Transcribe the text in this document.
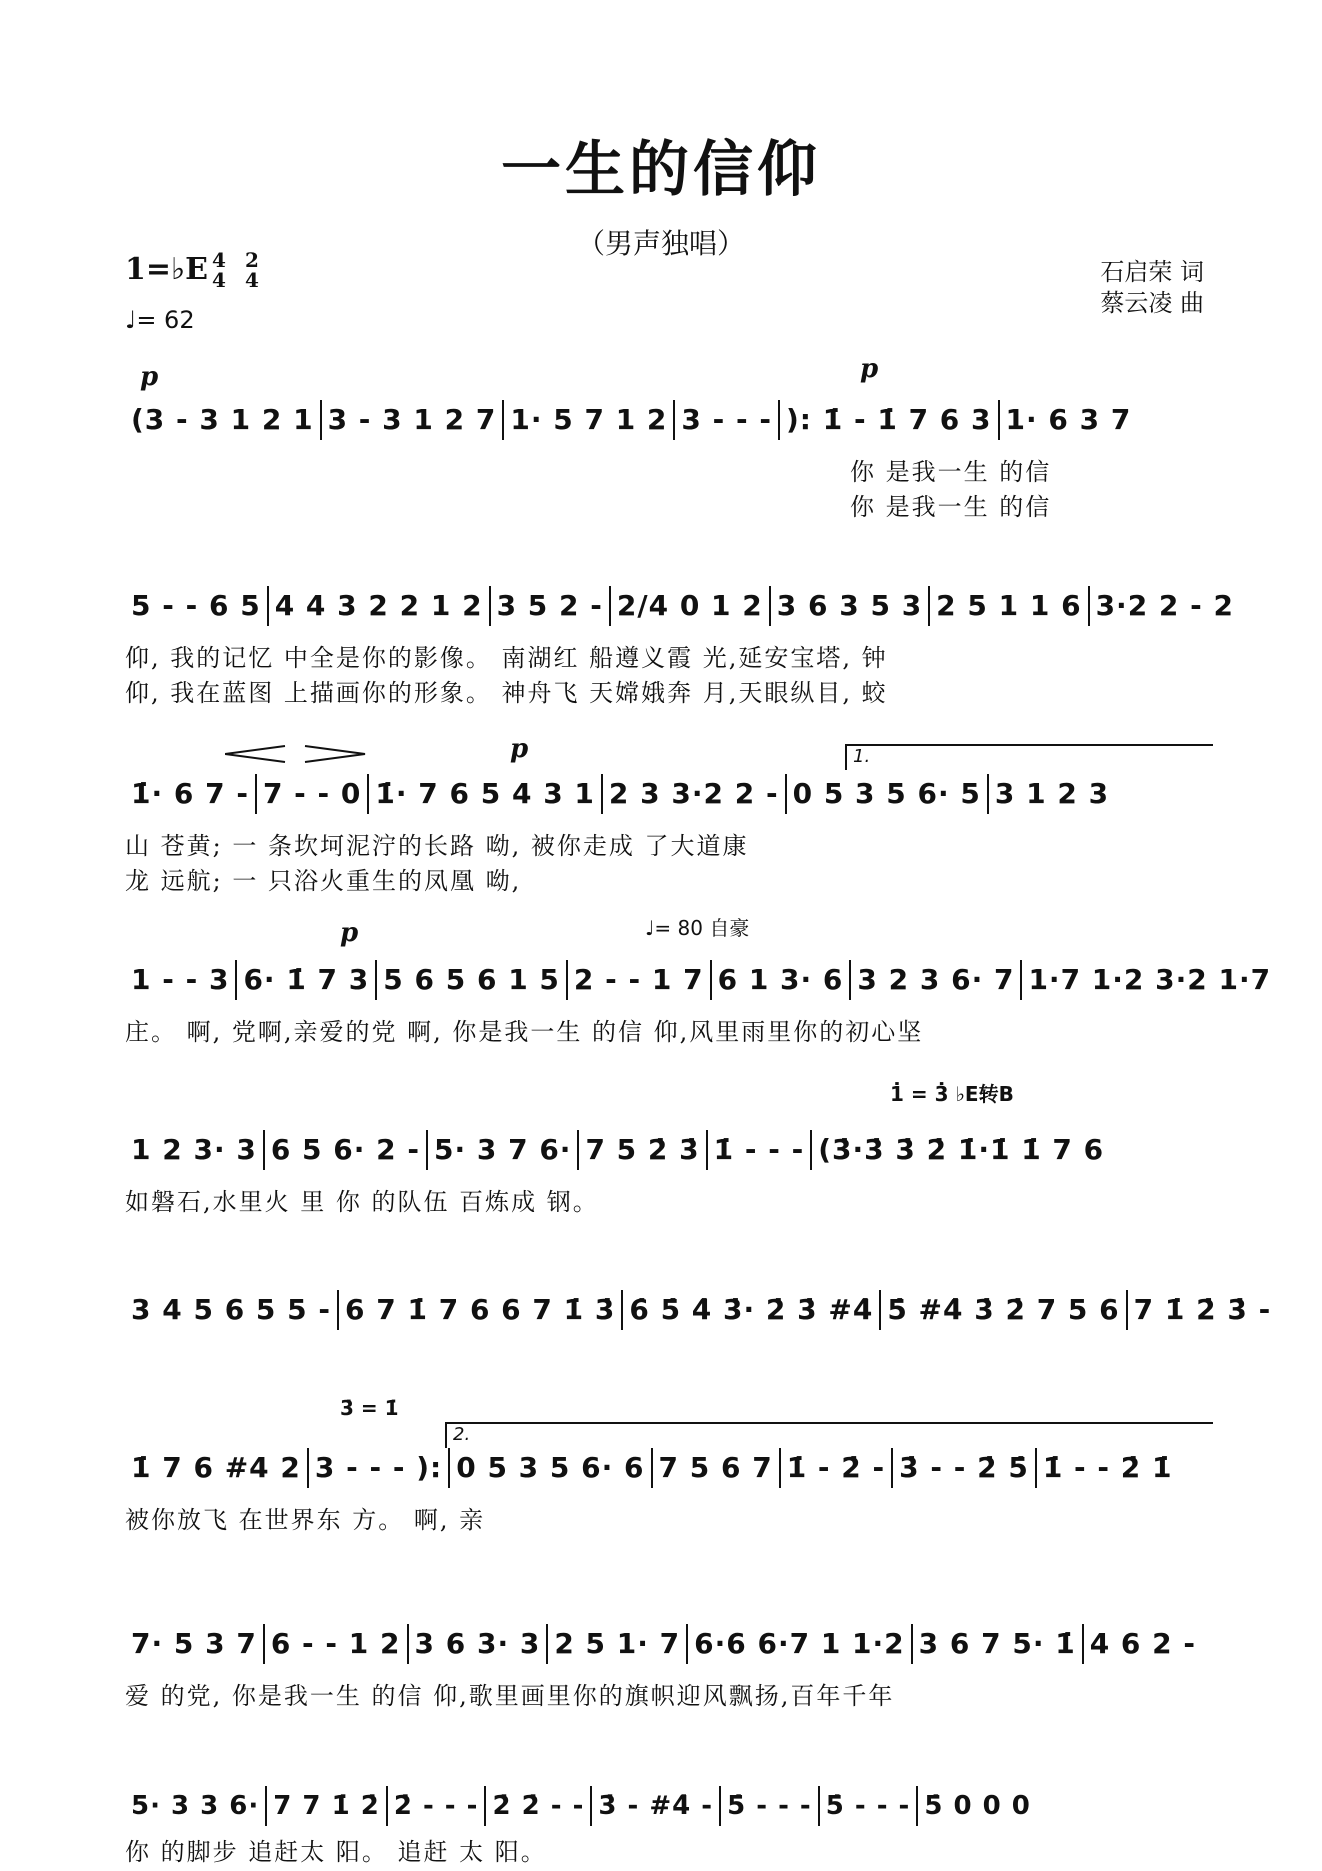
一生的信仰
（男声独唱）
1=♭E 4
4
2
4
♩= 62
石启荣 词
蔡云凌 曲
p	p
(3 - 3 1 2 1 3 - 3 1 2 7 1· 5 7 1 2 3 - - - ): 1̇ - 1̇ 7 6 3 1· 6 3 7
你 是我一生 的信
你 是我一生 的信
5 - - 6 5 4 4 3 2 2 1 2 3 5 2 - 2/4 0 1 2 3 6 3 5 3 2 5 1 1 6 3·2 2 - 2
仰, 我的记忆 中全是你的影像。 南湖红 船遵义霞 光,延安宝塔, 钟
仰, 我在蓝图 上描画你的形象。 神舟飞 天嫦娥奔 月,天眼纵目, 蛟
p	1.
1̇· 6 7 - 7 - - 0 1̇· 7 6 5 4 3 1 2 3 3·2 2 - 0 5 3 5 6· 5 3 1 2 3
山 苍黄; 一 条坎坷泥泞的长路 呦, 被你走成 了大道康
龙 远航; 一 只浴火重生的凤凰 呦,
p	♩= 80 自豪
1 - - 3 6· 1̇ 7 3 5 6 5 6 1 5 2 - - 1 7 6 1 3· 6 3 2 3 6· 7 1·7 1·2 3·2 1·7
庄。 啊, 党啊,亲爱的党 啊, 你是我一生 的信 仰,风里雨里你的初心坚
1̇ = 3̇ ♭E转B
1 2 3· 3 6 5 6· 2 - 5· 3 7 6· 7 5 2̇ 3̇ 1̇ - - - (3̇·3̇ 3̇ 2̇ 1̇·1̇ 1̇ 7 6
如磐石,水里火 里 你 的队伍 百炼成 钢。
3 4 5 6 5 5 - 6 7 1̇ 7 6 6 7 1̇ 3̇ 6̇ 5̇ 4̇ 3̇· 2̇ 3̇ #4̇ 5̇ #4̇ 3̇ 2̇ 7 5 6 7 1̇ 2̇ 3̇ -
3̇ = 1̇
2.
1̇ 7 6 #4 2 3 - - - ): 0 5 3 5 6· 6 7 5 6 7 1̇ - 2̇ - 3̇ - - 2̇ 5̇ 1̇ - - 2̇ 1̇
被你放飞 在世界东 方。 啊, 亲
7· 5 3 7 6 - - 1 2 3 6 3· 3 2 5 1· 7 6·6 6·7 1 1·2 3 6 7 5· 1̇ 4 6 2 -
爱 的党, 你是我一生 的信 仰,歌里画里你的旗帜迎风飘扬,百年千年
5· 3 3 6· 7 7 1̇ 2̇ 2̇ - - - 2̇ 2̇ - - 3̇ - #4̇ - 5̇ - - - 5̇ - - - 5̇ 0 0 0
你 的脚步 追赶太 阳。 追赶 太 阳。
